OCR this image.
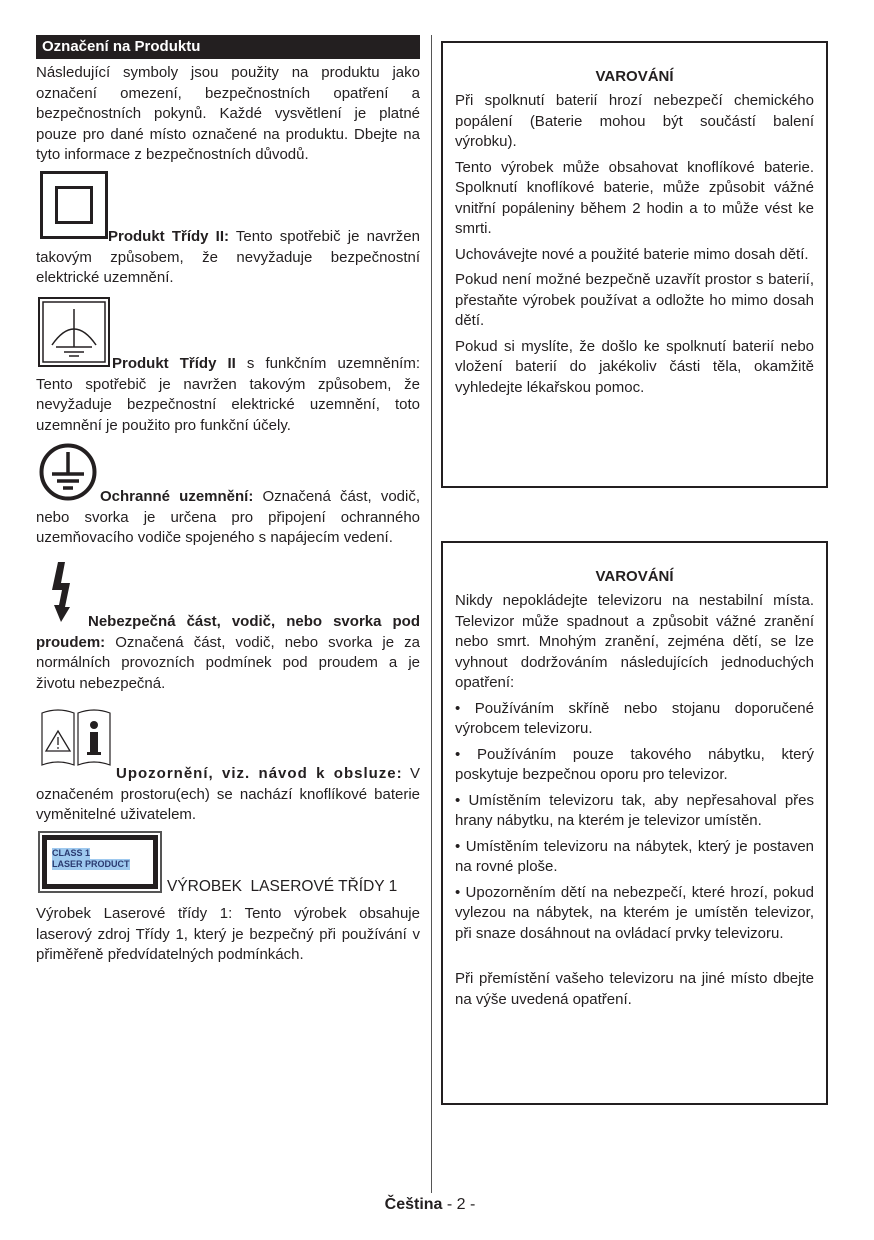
Označení na Produktu
Následující symboly jsou použity na produktu jako označení omezení, bezpečnostních opatření a bezpečnostních pokynů. Každé vysvětlení je platné pouze pro dané místo označené na produktu. Dbejte na tyto informace z bezpečnostních důvodů.
Produkt Třídy II: Tento spotřebič je navržen takovým způsobem, že nevyžaduje bezpečnostní elektrické uzemnění.
Produkt Třídy II s funkčním uzemněním: Tento spotřebič je navržen takovým způsobem, že nevyžaduje bezpečnostní elektrické uzemnění, toto uzemnění je použito pro funkční účely.
Ochranné uzemnění: Označená část, vodič, nebo svorka je určena pro připojení ochranného uzemňovacího vodiče spojeného s napájecím vedení.
Nebezpečná část, vodič, nebo svorka pod proudem: Označená část, vodič, nebo svorka je za normálních provozních podmínek pod proudem a je životu nebezpečná.
Upozornění, viz. návod k obsluze: V označeném prostoru(ech) se nachází knoflíkové baterie vyměnitelné uživatelem.
CLASS 1
LASER PRODUCT
VÝROBEK  LASEROVÉ TŘÍDY 1
Výrobek Laserové třídy 1: Tento výrobek obsahuje laserový zdroj Třídy 1, který je bezpečný při používání v přiměřeně předvídatelných podmínkách.
VAROVÁNÍ

Při spolknutí baterií hrozí nebezpečí chemického popálení (Baterie mohou být součástí balení výrobku).

Tento výrobek může obsahovat knoflíkové baterie. Spolknutí knoflíkové baterie, může způsobit vážné vnitřní popáleniny během 2 hodin a to může vést ke smrti.

Uchovávejte nové a použité baterie mimo dosah dětí.

Pokud není možné bezpečně uzavřít prostor s baterií, přestaňte výrobek používat a odložte ho mimo dosah dětí.

Pokud si myslíte, že došlo ke spolknutí baterií nebo vložení baterií do jakékoliv části těla, okamžitě vyhledejte lékařskou pomoc.

VAROVÁNÍ

Nikdy nepokládejte televizoru na nestabilní místa. Televizor může spadnout a způsobit vážné zranění nebo smrt. Mnohým zranění, zejména dětí, se lze vyhnout dodržováním následujících jednoduchých opatření:

• Používáním skříně nebo stojanu doporučené výrobcem televizoru.

• Používáním pouze takového nábytku, který poskytuje bezpečnou oporu pro televizor.

• Umístěním televizoru tak, aby nepřesahoval přes hrany nábytku, na kterém je televizor umístěn.

• Umístěním televizoru na nábytek, který je postaven na rovné ploše.

• Upozorněním dětí na nebezpečí, které hrozí, pokud vylezou na nábytek, na kterém je umístěn televizor, při snaze dosáhnout na ovládací prvky televizoru.

Při přemístění vašeho televizoru na jiné místo dbejte na výše uvedená opatření.

Čeština - 2 -
